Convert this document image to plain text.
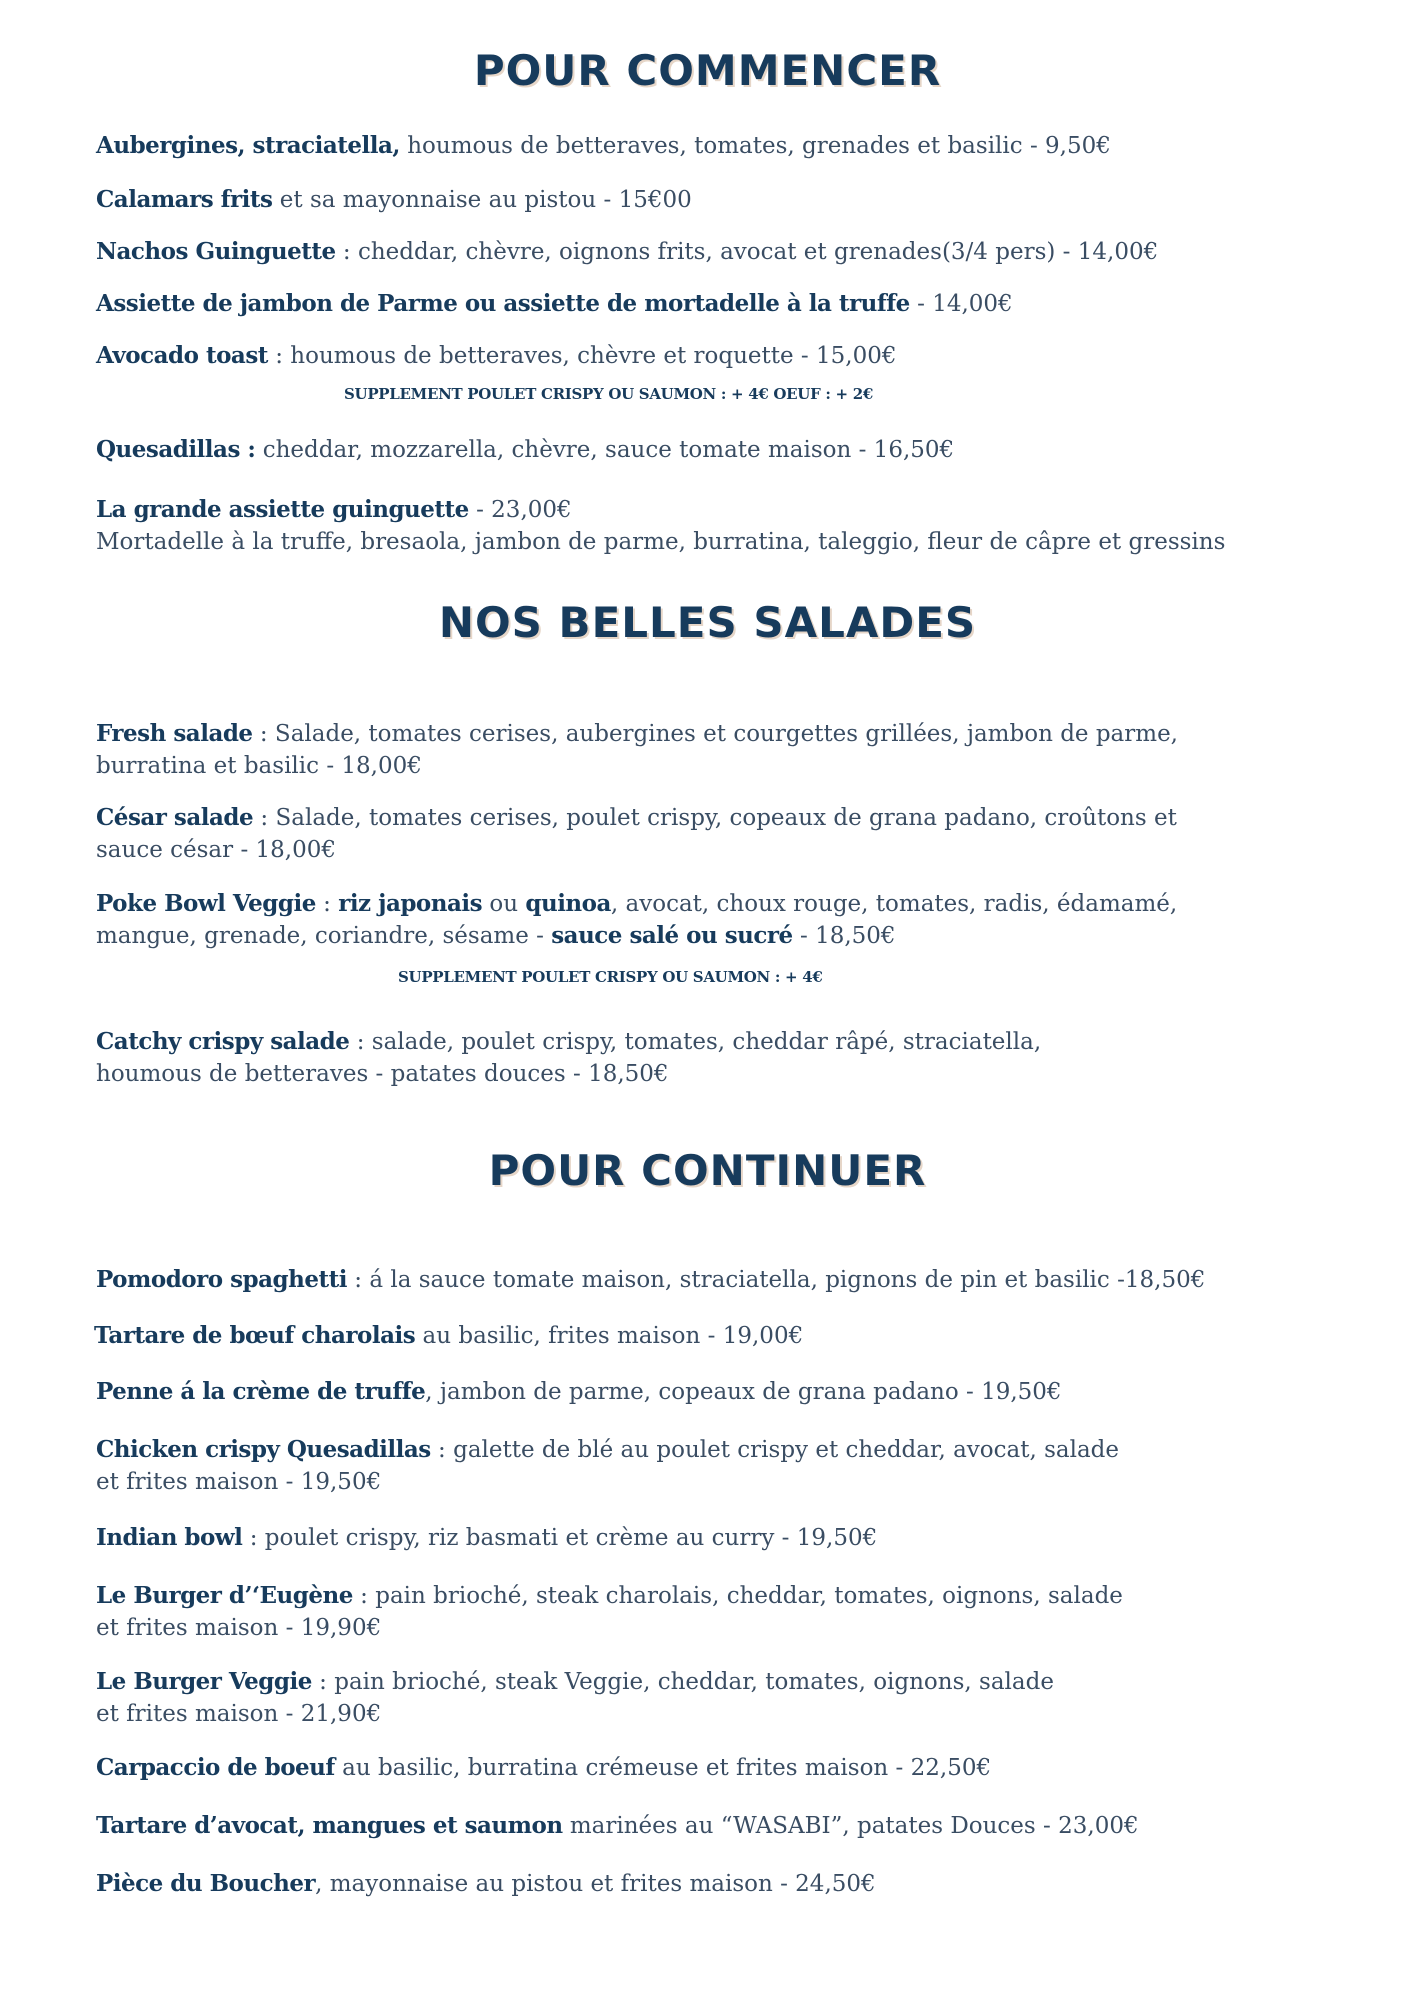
POUR COMMENCER

Aubergines, straciatella, houmous de betteraves, tomates, grenades et basilic - 9,50€

Calamars frits et sa mayonnaise au pistou - 15€00

Nachos Guinguette : cheddar, chèvre, oignons frits, avocat et grenades(3/4 pers) - 14,00€

Assiette de jambon de Parme ou assiette de mortadelle à la truffe - 14,00€

Avocado toast : houmous de betteraves, chèvre et roquette - 15,00€

SUPPLEMENT POULET CRISPY OU SAUMON : + 4€ OEUF : + 2€

Quesadillas : cheddar, mozzarella, chèvre, sauce tomate maison - 16,50€

La grande assiette guinguette - 23,00€
Mortadelle à la truffe, bresaola, jambon de parme, burratina, taleggio, fleur de câpre et gressins

NOS BELLES SALADES

Fresh salade : Salade, tomates cerises, aubergines et courgettes grillées, jambon de parme,
burratina et basilic - 18,00€

César salade : Salade, tomates cerises, poulet crispy, copeaux de grana padano, croûtons et
sauce césar - 18,00€

Poke Bowl Veggie : riz japonais ou quinoa, avocat, choux rouge, tomates, radis, édamamé,
mangue, grenade, coriandre, sésame - sauce salé ou sucré - 18,50€

SUPPLEMENT POULET CRISPY OU SAUMON : + 4€

Catchy crispy salade : salade, poulet crispy, tomates, cheddar râpé, straciatella,
houmous de betteraves - patates douces - 18,50€

POUR CONTINUER

Pomodoro spaghetti : á la sauce tomate maison, straciatella, pignons de pin et basilic -18,50€

Tartare de bœuf charolais au basilic, frites maison - 19,00€

Penne á la crème de truffe, jambon de parme, copeaux de grana padano - 19,50€

Chicken crispy Quesadillas : galette de blé au poulet crispy et cheddar, avocat, salade
et frites maison - 19,50€

Indian bowl : poulet crispy, riz basmati et crème au curry - 19,50€

Le Burger d’‘Eugène : pain brioché, steak charolais, cheddar, tomates, oignons, salade
et frites maison - 19,90€

Le Burger Veggie : pain brioché, steak Veggie, cheddar, tomates, oignons, salade
et frites maison - 21,90€

Carpaccio de boeuf au basilic, burratina crémeuse et frites maison - 22,50€

Tartare d’avocat, mangues et saumon marinées au “WASABI”, patates Douces - 23,00€

Pièce du Boucher, mayonnaise au pistou et frites maison - 24,50€
